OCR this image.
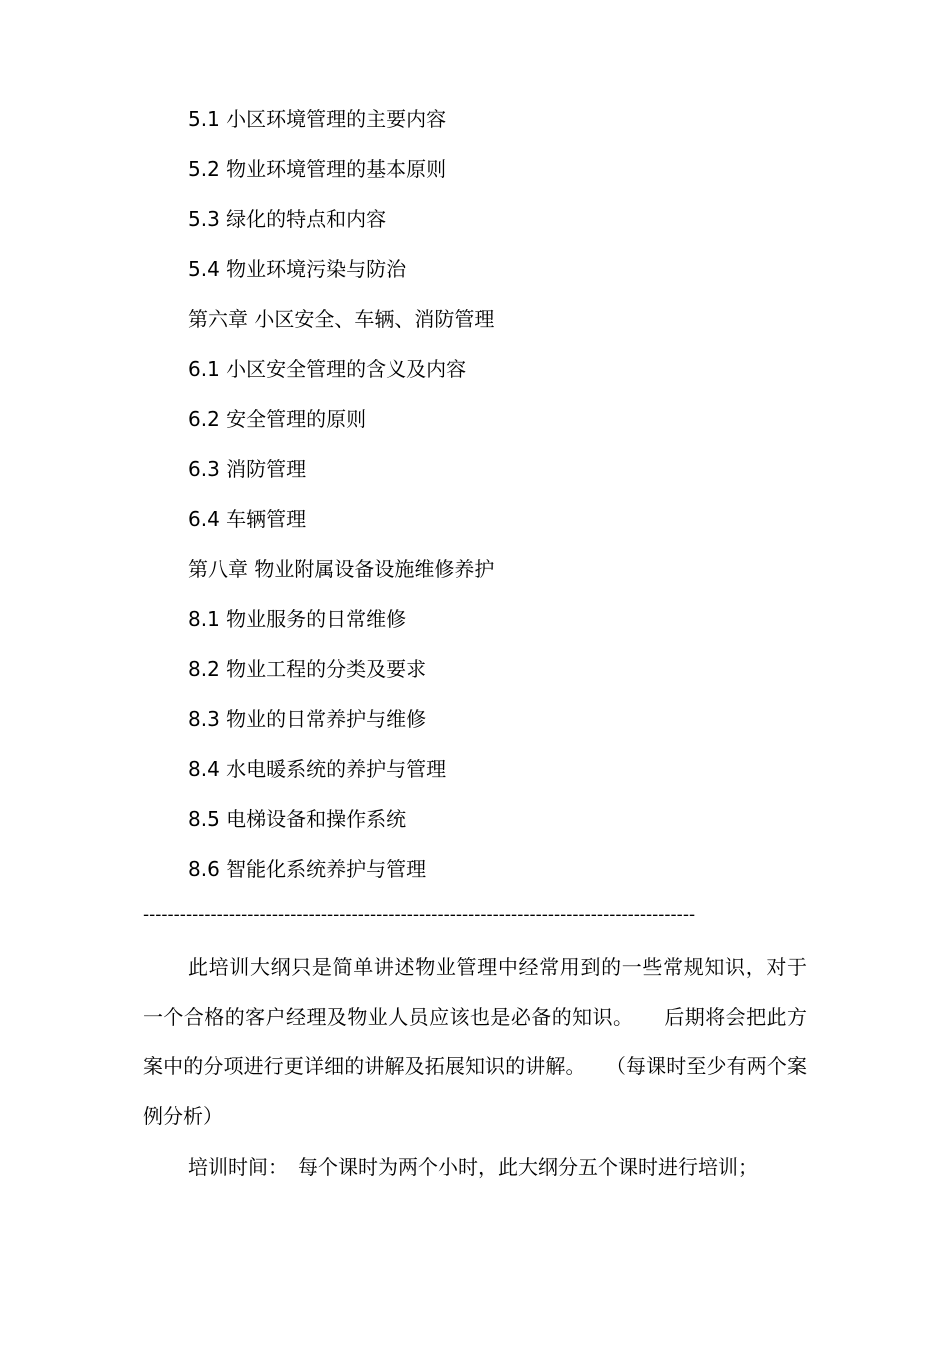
5.1 小区环境管理的主要内容
5.2 物业环境管理的基本原则
5.3 绿化的特点和内容
5.4 物业环境污染与防治
第六章 小区安全、车辆、消防管理
6.1 小区安全管理的含义及内容
6.2 安全管理的原则
6.3 消防管理
6.4 车辆管理
第八章 物业附属设备设施维修养护
8.1 物业服务的日常维修
8.2 物业工程的分类及要求
8.3 物业的日常养护与维修
8.4 水电暖系统的养护与管理
8.5 电梯设备和操作系统
8.6 智能化系统养护与管理
------------------------------------------------------------------------------------------
此培训大纲只是简单讲述物业管理中经常用到的一些常规知识，对于一个合格的客户经理及物业人员应该也是必备的知识。　　后期将会把此方案中的分项进行更详细的讲解及拓展知识的讲解。　　（每课时至少有两个案例分析）
培训时间：　每个课时为两个小时，此大纲分五个课时进行培训；
